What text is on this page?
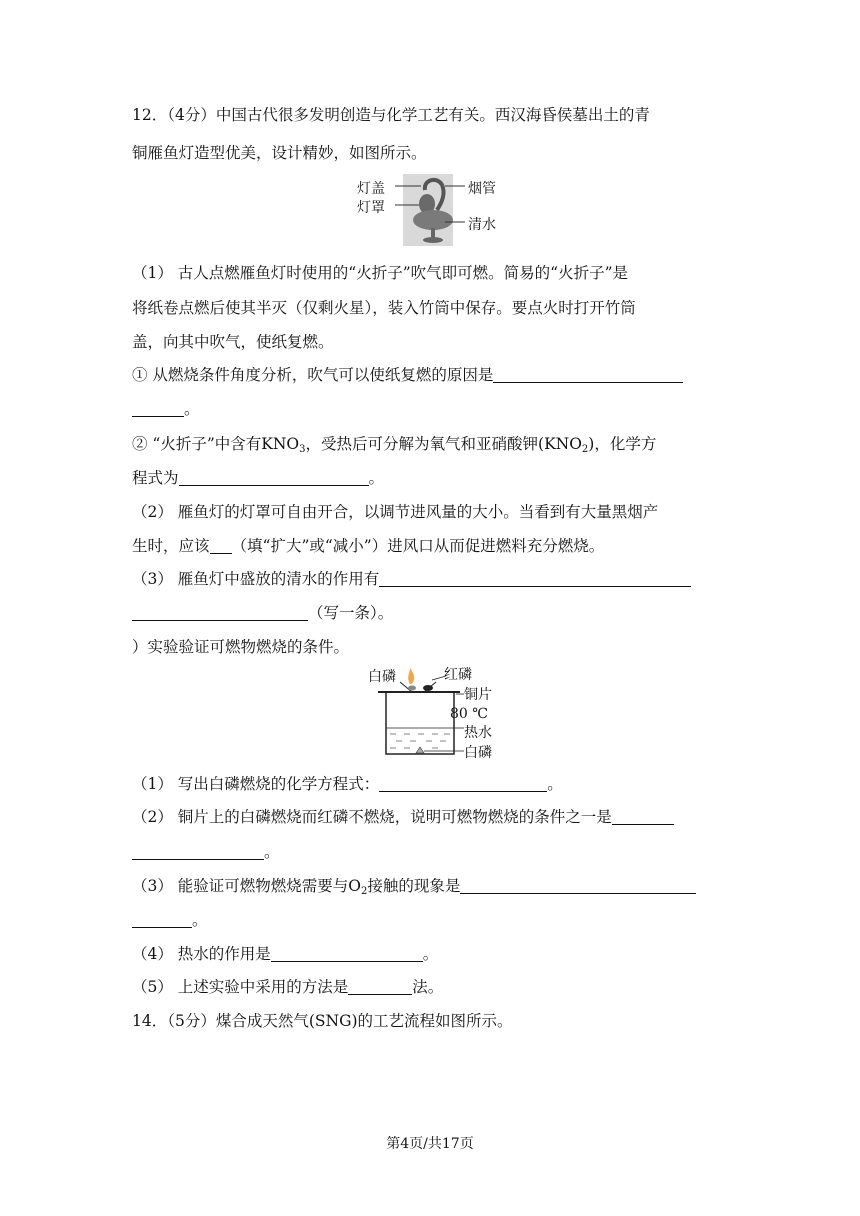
12．（4分）中国古代很多发明创造与化学工艺有关。西汉海昏侯墓出土的青
铜雁鱼灯造型优美，设计精妙，如图所示。
灯盖
灯罩
烟管
清水
（1） 古人点燃雁鱼灯时使用的“火折子”吹气即可燃。简易的“火折子”是
将纸卷点燃后使其半灭（仅剩火星），装入竹筒中保存。要点火时打开竹筒
盖，向其中吹气，使纸复燃。
① 从燃烧条件角度分析，吹气可以使纸复燃的原因是
。
② “火折子”中含有$KNO_3$，受热后可分解为氧气和亚硝酸钾$(KNO_2)$，化学方
程式为	。
（2） 雁鱼灯的灯罩可自由开合，以调节进风量的大小。当看到有大量黑烟产
生时，应该 （填“扩大”或“减小”）进风口从而促进燃料充分燃烧。
（3） 雁鱼灯中盛放的清水的作用有
（写一条）。
）实验验证可燃物燃烧的条件。
白磷	红磷
铜片
80 ℃
热水
白磷
（1） 写出白磷燃烧的化学方程式：	。
（2） 铜片上的白磷燃烧而红磷不燃烧，说明可燃物燃烧的条件之一是
。
（3） 能验证可燃物燃烧需要与$O_2$接触的现象是
。
（4） 热水的作用是	。
（5） 上述实验中采用的方法是	法。
14．（5分）煤合成天然气(SNG)的工艺流程如图所示。
第4页/共17页
